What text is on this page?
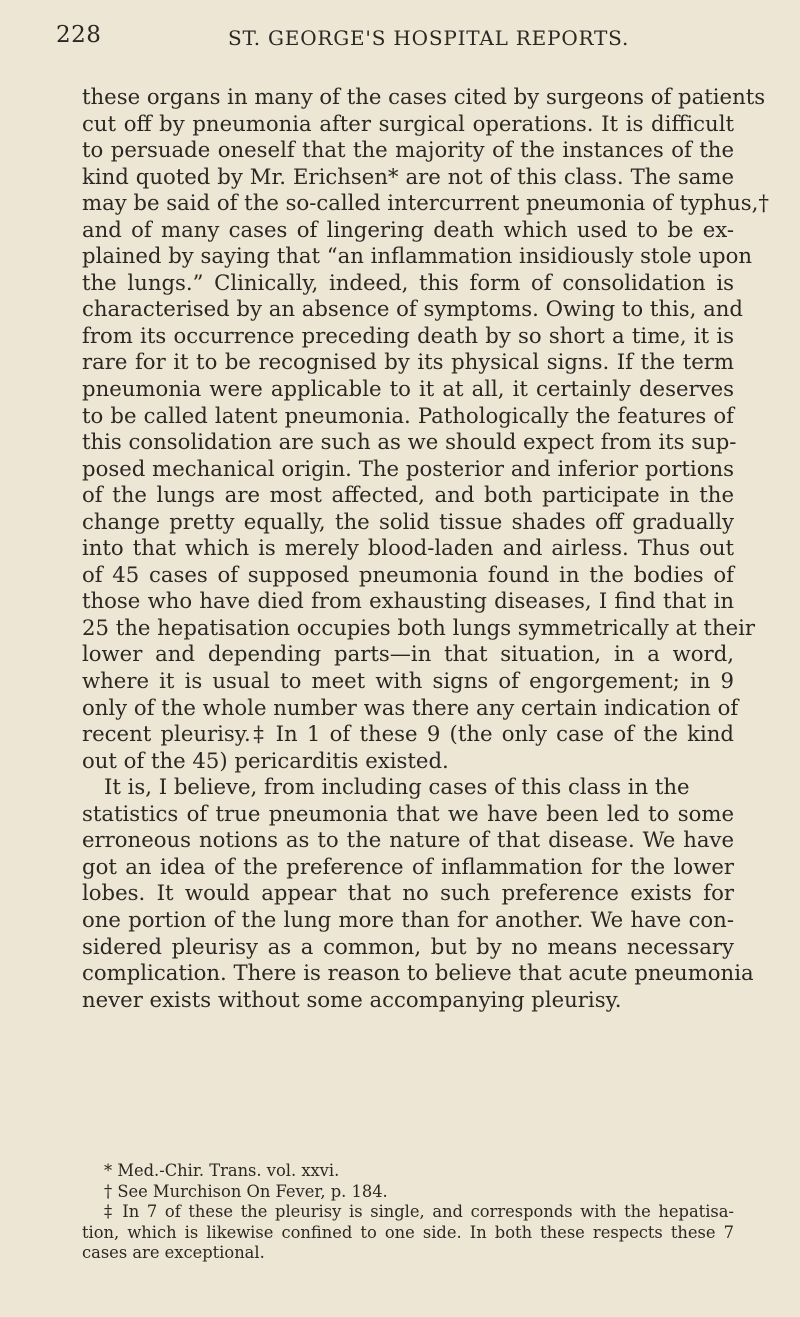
228	ST. GEORGE'S HOSPITAL REPORTS.
these organs in many of the cases cited by surgeons of patients
cut off by pneumonia after surgical operations. It is difficult
to persuade oneself that the majority of the instances of the
kind quoted by Mr. Erichsen* are not of this class. The same
may be said of the so-called intercurrent pneumonia of typhus,†
and of many cases of lingering death which used to be ex-
plained by saying that “an inflammation insidiously stole upon
the lungs.” Clinically, indeed, this form of consolidation is
characterised by an absence of symptoms. Owing to this, and
from its occurrence preceding death by so short a time, it is
rare for it to be recognised by its physical signs. If the term
pneumonia were applicable to it at all, it certainly deserves
to be called latent pneumonia. Pathologically the features of
this consolidation are such as we should expect from its sup-
posed mechanical origin. The posterior and inferior portions
of the lungs are most affected, and both participate in the
change pretty equally, the solid tissue shades off gradually
into that which is merely blood-laden and airless. Thus out
of 45 cases of supposed pneumonia found in the bodies of
those who have died from exhausting diseases, I find that in
25 the hepatisation occupies both lungs symmetrically at their
lower and depending parts—in that situation, in a word,
where it is usual to meet with signs of engorgement; in 9
only of the whole number was there any certain indication of
recent pleurisy.‡ In 1 of these 9 (the only case of the kind
out of the 45) pericarditis existed.
It is, I believe, from including cases of this class in the
statistics of true pneumonia that we have been led to some
erroneous notions as to the nature of that disease. We have
got an idea of the preference of inflammation for the lower
lobes. It would appear that no such preference exists for
one portion of the lung more than for another. We have con-
sidered pleurisy as a common, but by no means necessary
complication. There is reason to believe that acute pneumonia
never exists without some accompanying pleurisy.
* Med.-Chir. Trans. vol. xxvi.
† See Murchison On Fever, p. 184.
‡ In 7 of these the pleurisy is single, and corresponds with the hepatisa-
tion, which is likewise confined to one side. In both these respects these 7
cases are exceptional.
